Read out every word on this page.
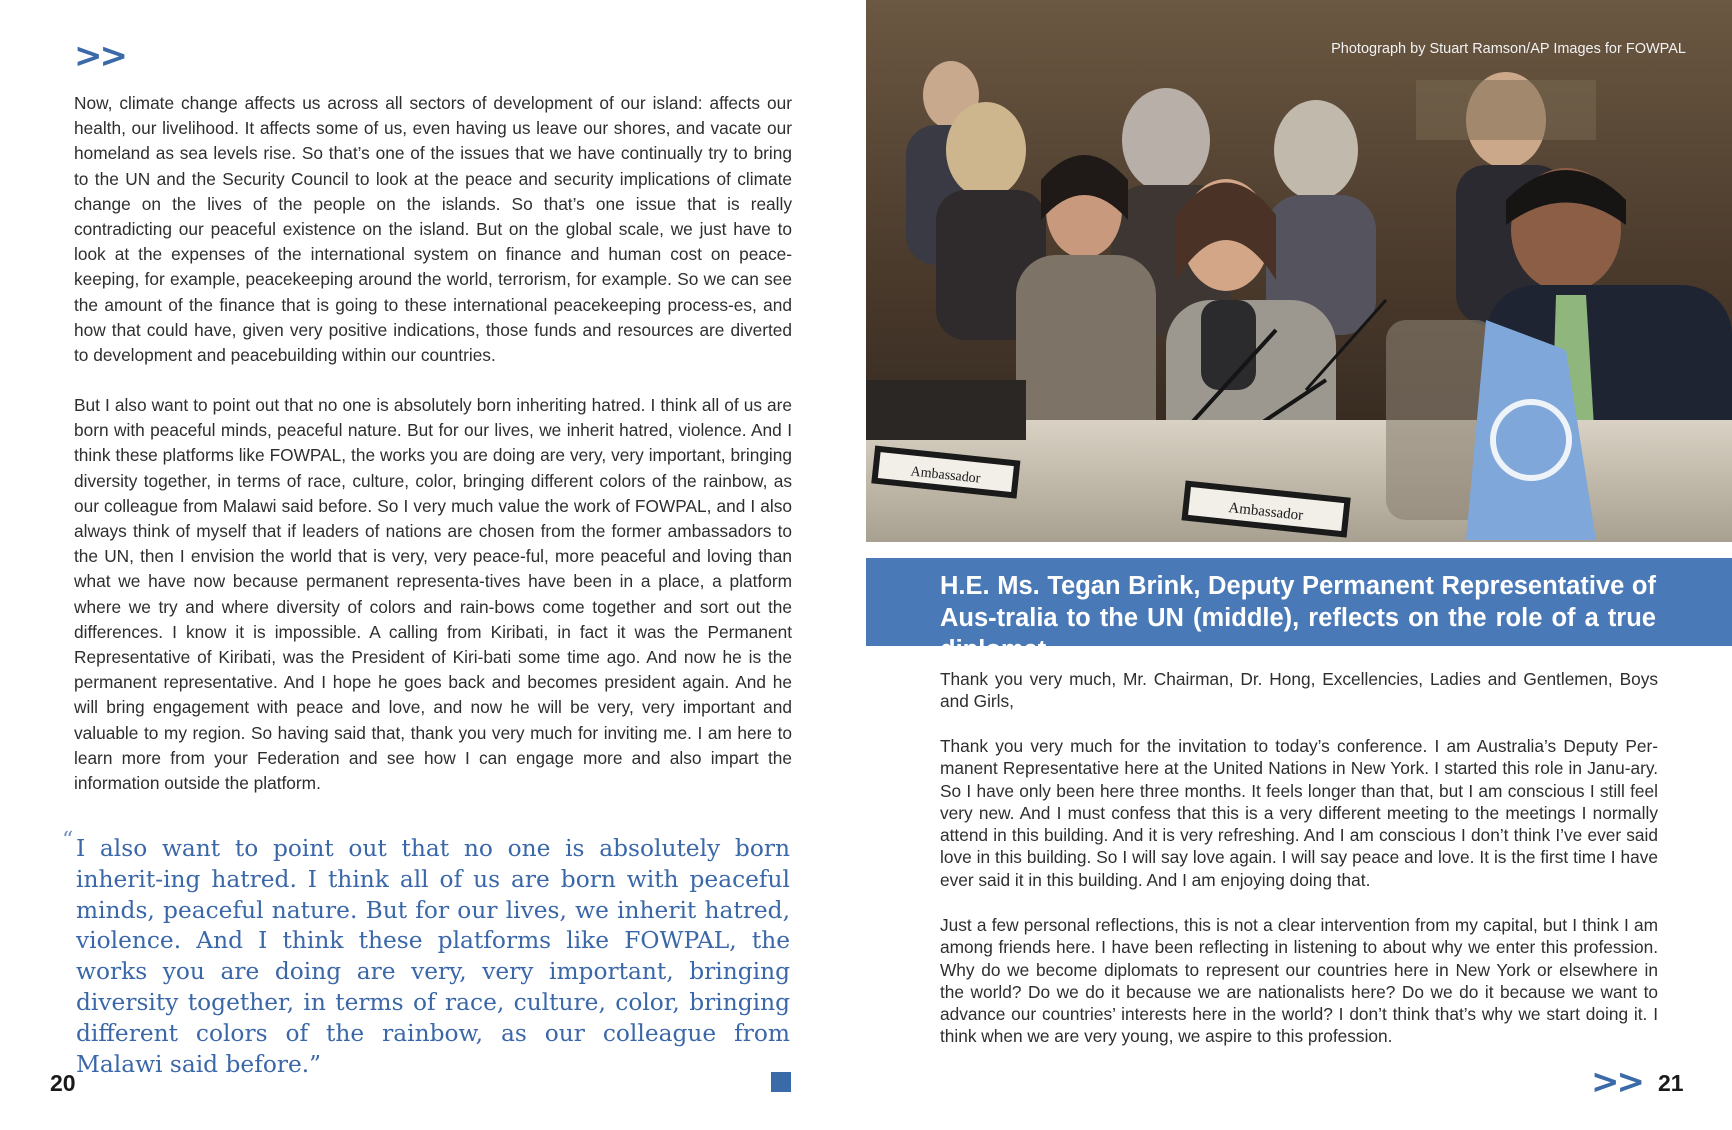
>>

Now, climate change affects us across all sectors of development of our island: affects our health, our livelihood. It affects some of us, even having us leave our shores, and vacate our homeland as sea levels rise. So that’s one of the issues that we have continually try to bring to the UN and the Security Council to look at the peace and security implications of climate change on the lives of the people on the islands. So that’s one issue that is really contradicting our peaceful existence on the island. But on the global scale, we just have to look at the expenses of the international system on finance and human cost on peace-keeping, for example, peacekeeping around the world, terrorism, for example. So we can see the amount of the finance that is going to these international peacekeeping process-es, and how that could have, given very positive indications, those funds and resources are diverted to development and peacebuilding within our countries.

But I also want to point out that no one is absolutely born inheriting hatred. I think all of us are born with peaceful minds, peaceful nature. But for our lives, we inherit hatred, violence. And I think these platforms like FOWPAL, the works you are doing are very, very important, bringing diversity together, in terms of race, culture, color, bringing different colors of the rainbow, as our colleague from Malawi said before. So I very much value the work of FOWPAL, and I also always think of myself that if leaders of nations are chosen from the former ambassadors to the UN, then I envision the world that is very, very peace-ful, more peaceful and loving than what we have now because permanent representa-tives have been in a place, a platform where we try and where diversity of colors and rain-bows come together and sort out the differences. I know it is impossible. A calling from Kiribati, in fact it was the Permanent Representative of Kiribati, was the President of Kiri-bati some time ago. And now he is the permanent representative. And I hope he goes back and becomes president again. And he will bring engagement with peace and love, and now he will be very, very important and valuable to my region. So having said that, thank you very much for inviting me. I am here to learn more from your Federation and see how I can engage more and also impart the information outside the platform.

“ I also want to point out that no one is absolutely born inherit-ing hatred. I think all of us are born with peaceful minds, peaceful nature. But for our lives, we inherit hatred, violence. And I think these platforms like FOWPAL, the works you are doing are very, very important, bringing diversity together, in terms of race, culture, color, bringing different colors of the rainbow, as our colleague from Malawi said before.”
20
Ambassador
Ambassador
Photograph by Stuart Ramson/AP Images for FOWPAL

H.E. Ms. Tegan Brink, Deputy Permanent Representative of Aus-tralia to the UN (middle), reflects on the role of a true diplomat

Thank you very much, Mr. Chairman, Dr. Hong, Excellencies, Ladies and Gentlemen, Boys and Girls,

Thank you very much for the invitation to today’s conference. I am Australia’s Deputy Per-manent Representative here at the United Nations in New York. I started this role in Janu-ary. So I have only been here three months. It feels longer than that, but I am conscious I still feel very new. And I must confess that this is a very different meeting to the meetings I normally attend in this building. And it is very refreshing. And I am conscious I don’t think I’ve ever said love in this building. So I will say love again. I will say peace and love. It is the first time I have ever said it in this building. And I am enjoying doing that.

Just a few personal reflections, this is not a clear intervention from my capital, but I think I am among friends here. I have been reflecting in listening to about why we enter this profession. Why do we become diplomats to represent our countries here in New York or elsewhere in the world? Do we do it because we are nationalists here? Do we do it because we want to advance our countries’ interests here in the world? I don’t think that’s why we start doing it. I think when we are very young, we aspire to this profession.

>> 21
